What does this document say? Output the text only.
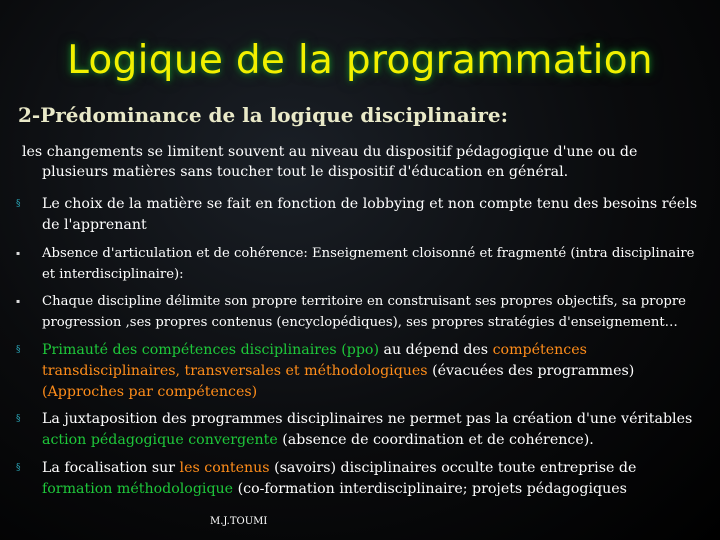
Logique de la programmation
2-Prédominance de la logique disciplinaire:
les changements se limitent souvent au niveau du dispositif pédagogique d'une ou de
plusieurs matières sans toucher tout le dispositif d'éducation en général.
§	Le choix de la matière se fait en fonction de lobbying et non compte tenu des besoins réels de l'apprenant
▪	Absence d'articulation et de cohérence: Enseignement cloisonné et fragmenté (intra disciplinaire et interdisciplinaire):
▪	Chaque discipline délimite son propre territoire en construisant ses propres objectifs, sa propre progression ,ses propres contenus (encyclopédiques), ses propres stratégies d'enseignement…
§	Primauté des compétences disciplinaires (ppo) au dépend des compétences transdisciplinaires, transversales et méthodologiques (évacuées des programmes) (Approches par compétences)
§	La juxtaposition des programmes disciplinaires ne permet pas la création d'une véritables action pédagogique convergente (absence de coordination et de cohérence).
§	La focalisation sur les contenus (savoirs) disciplinaires occulte toute entreprise de formation méthodologique (co-formation interdisciplinaire; projets pédagogiques
M.J.TOUMI
